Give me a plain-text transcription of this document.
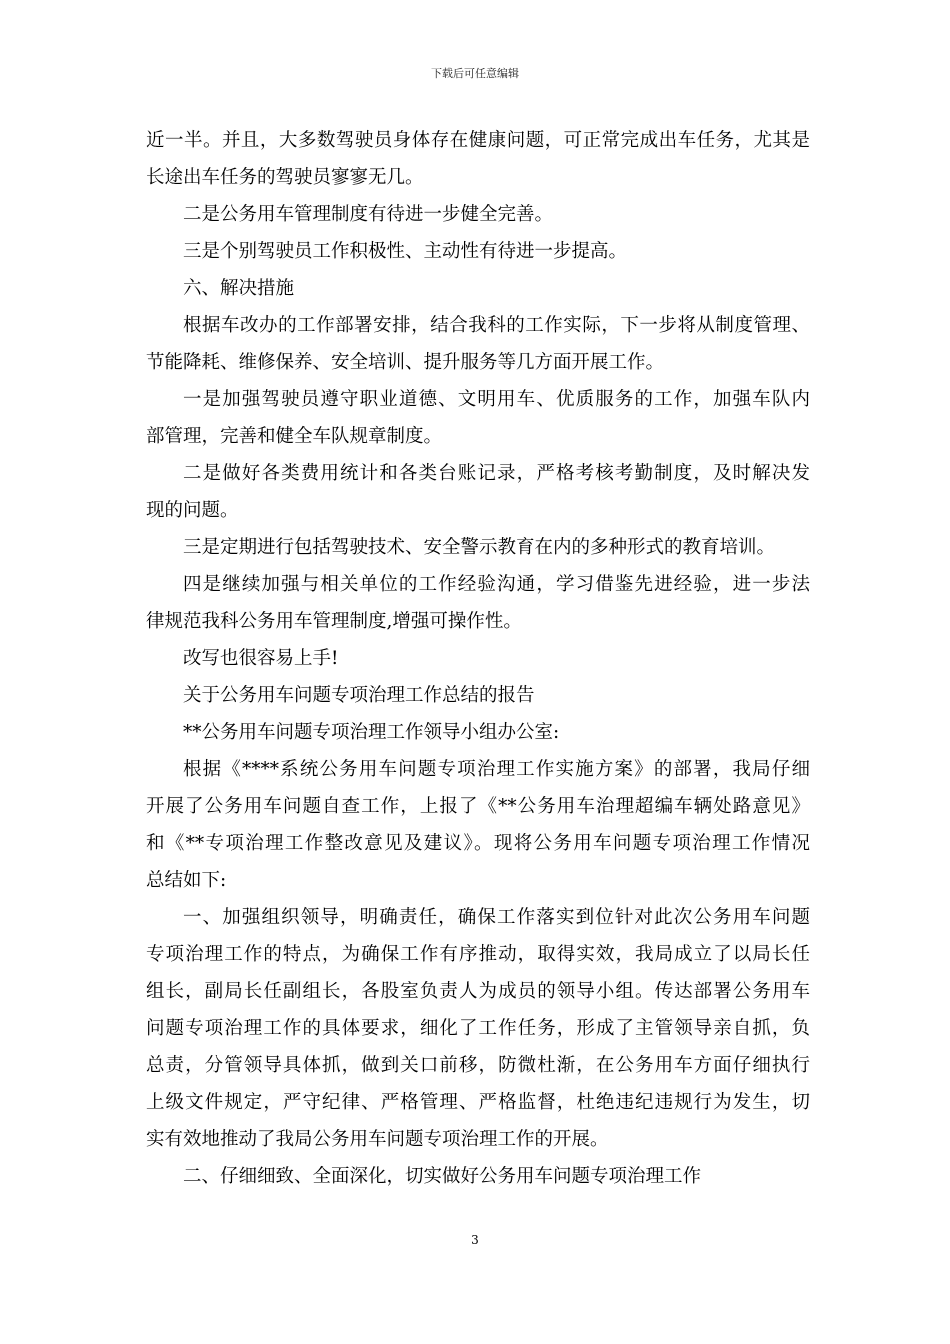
下载后可任意编辑
近一半。并且，大多数驾驶员身体存在健康问题，可正常完成出车任务，尤其是
长途出车任务的驾驶员寥寥无几。
二是公务用车管理制度有待进一步健全完善。
三是个别驾驶员工作积极性、主动性有待进一步提高。
六、解决措施
根据车改办的工作部署安排，结合我科的工作实际，下一步将从制度管理、
节能降耗、维修保养、安全培训、提升服务等几方面开展工作。
一是加强驾驶员遵守职业道德、文明用车、优质服务的工作，加强车队内
部管理，完善和健全车队规章制度。
二是做好各类费用统计和各类台账记录，严格考核考勤制度，及时解决发
现的问题。
三是定期进行包括驾驶技术、安全警示教育在内的多种形式的教育培训。
四是继续加强与相关单位的工作经验沟通，学习借鉴先进经验，进一步法
律规范我科公务用车管理制度,增强可操作性。
改写也很容易上手!
关于公务用车问题专项治理工作总结的报告
**公务用车问题专项治理工作领导小组办公室:
根据《****系统公务用车问题专项治理工作实施方案》的部署，我局仔细
开展了公务用车问题自查工作，上报了《**公务用车治理超编车辆处路意见》
和《**专项治理工作整改意见及建议》。现将公务用车问题专项治理工作情况
总结如下:
一、加强组织领导，明确责任，确保工作落实到位针对此次公务用车问题
专项治理工作的特点，为确保工作有序推动，取得实效，我局成立了以局长任
组长，副局长任副组长，各股室负责人为成员的领导小组。传达部署公务用车
问题专项治理工作的具体要求，细化了工作任务，形成了主管领导亲自抓，负
总责，分管领导具体抓，做到关口前移，防微杜渐，在公务用车方面仔细执行
上级文件规定，严守纪律、严格管理、严格监督，杜绝违纪违规行为发生，切
实有效地推动了我局公务用车问题专项治理工作的开展。
二、仔细细致、全面深化，切实做好公务用车问题专项治理工作
3
